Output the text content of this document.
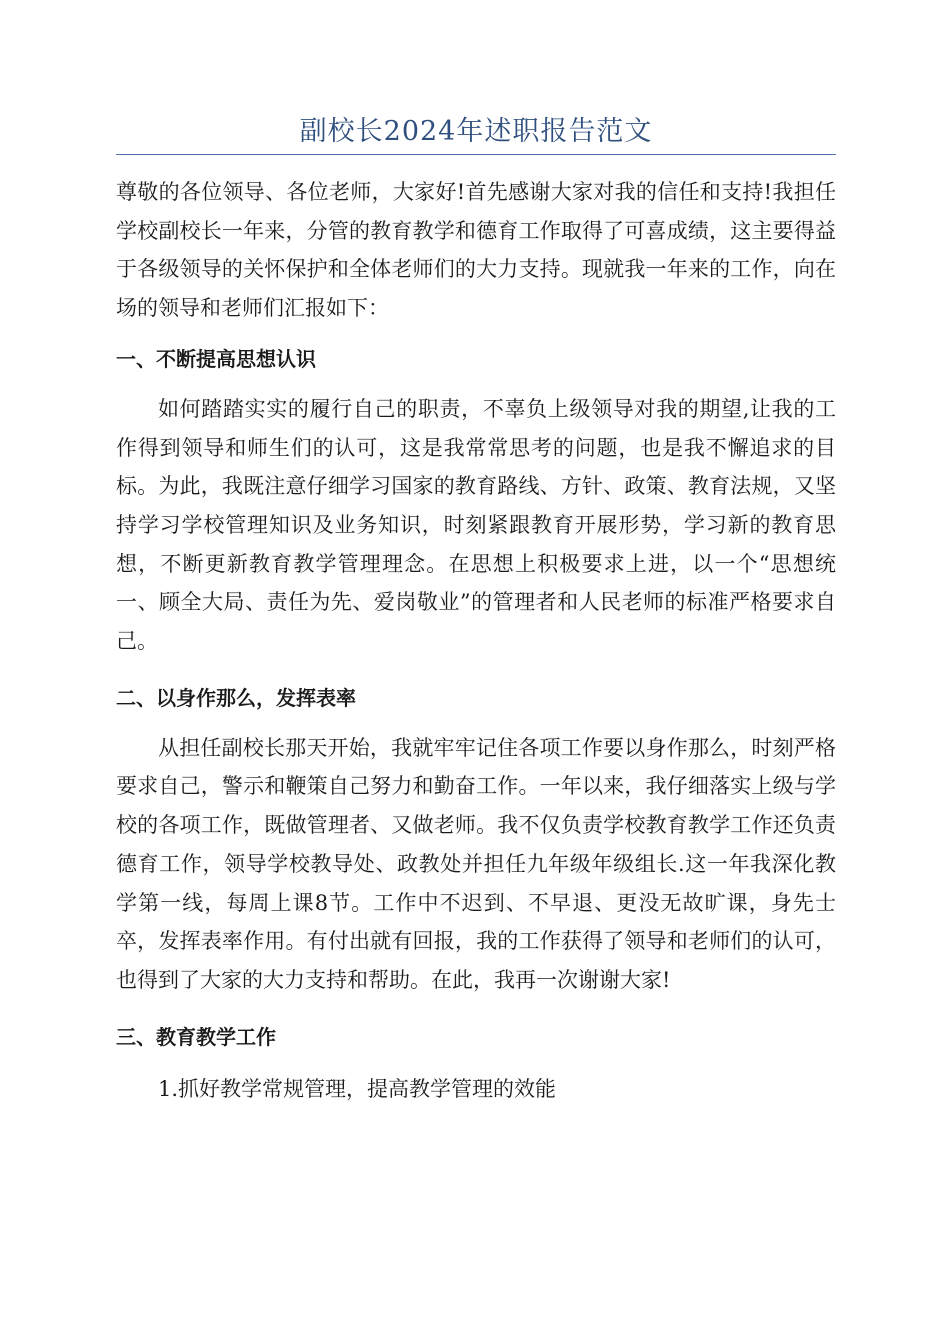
副校长2024年述职报告范文

尊敬的各位领导、各位老师，大家好!首先感谢大家对我的信任和支持!我担任学校副校长一年来，分管的教育教学和德育工作取得了可喜成绩，这主要得益于各级领导的关怀保护和全体老师们的大力支持。现就我一年来的工作，向在场的领导和老师们汇报如下：

一、不断提高思想认识

如何踏踏实实的履行自己的职责，不辜负上级领导对我的期望,让我的工作得到领导和师生们的认可，这是我常常思考的问题，也是我不懈追求的目标。为此，我既注意仔细学习国家的教育路线、方针、政策、教育法规，又坚持学习学校管理知识及业务知识，时刻紧跟教育开展形势，学习新的教育思想，不断更新教育教学管理理念。在思想上积极要求上进，以一个“思想统一、顾全大局、责任为先、爱岗敬业”的管理者和人民老师的标准严格要求自己。

二、以身作那么，发挥表率

从担任副校长那天开始，我就牢牢记住各项工作要以身作那么，时刻严格要求自己，警示和鞭策自己努力和勤奋工作。一年以来，我仔细落实上级与学校的各项工作，既做管理者、又做老师。我不仅负责学校教育教学工作还负责德育工作，领导学校教导处、政教处并担任九年级年级组长.这一年我深化教学第一线，每周上课8节。工作中不迟到、不早退、更没无故旷课，身先士卒，发挥表率作用。有付出就有回报，我的工作获得了领导和老师们的认可，也得到了大家的大力支持和帮助。在此，我再一次谢谢大家!

三、教育教学工作

1.抓好教学常规管理，提高教学管理的效能
